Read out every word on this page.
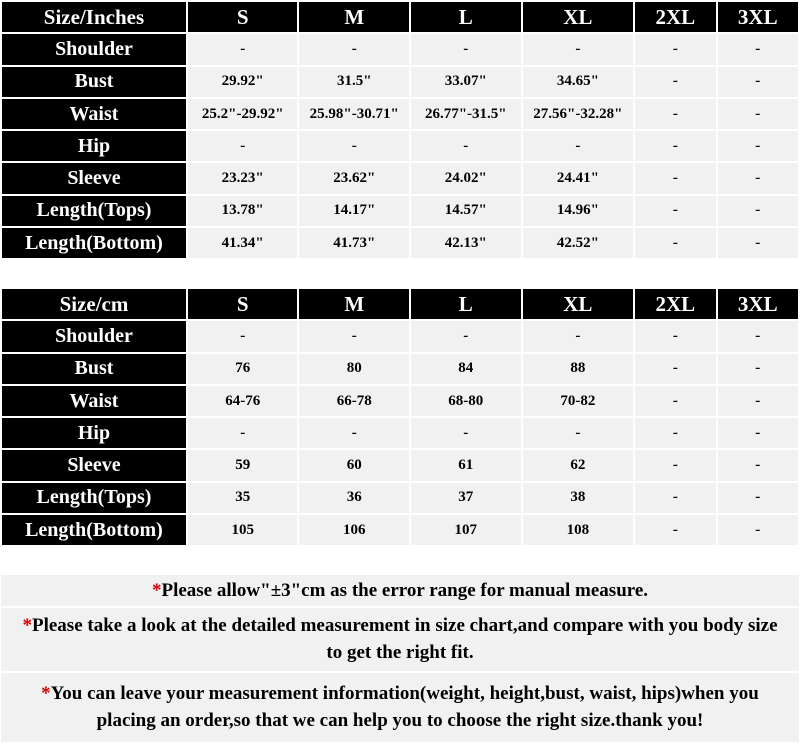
Size/Inches	S	M	L	XL	2XL	3XL
Shoulder	-	-	-	-	-	-
Bust	29.92"	31.5"	33.07"	34.65"	-	-
Waist	25.2"-29.92"	25.98"-30.71"	26.77"-31.5"	27.56"-32.28"	-	-
Hip	-	-	-	-	-	-
Sleeve	23.23"	23.62"	24.02"	24.41"	-	-
Length(Tops)	13.78"	14.17"	14.57"	14.96"	-	-
Length(Bottom)	41.34"	41.73"	42.13"	42.52"	-	-
Size/cm	S	M	L	XL	2XL	3XL
Shoulder	-	-	-	-	-	-
Bust	76	80	84	88	-	-
Waist	64-76	66-78	68-80	70-82	-	-
Hip	-	-	-	-	-	-
Sleeve	59	60	61	62	-	-
Length(Tops)	35	36	37	38	-	-
Length(Bottom)	105	106	107	108	-	-
*Please allow"±3"cm as the error range for manual measure.
*Please take a look at the detailed measurement in size chart,and compare with you body size to get the right fit.
*You can leave your measurement information(weight, height,bust, waist, hips)when you placing an order,so that we can help you to choose the right size.thank you!
